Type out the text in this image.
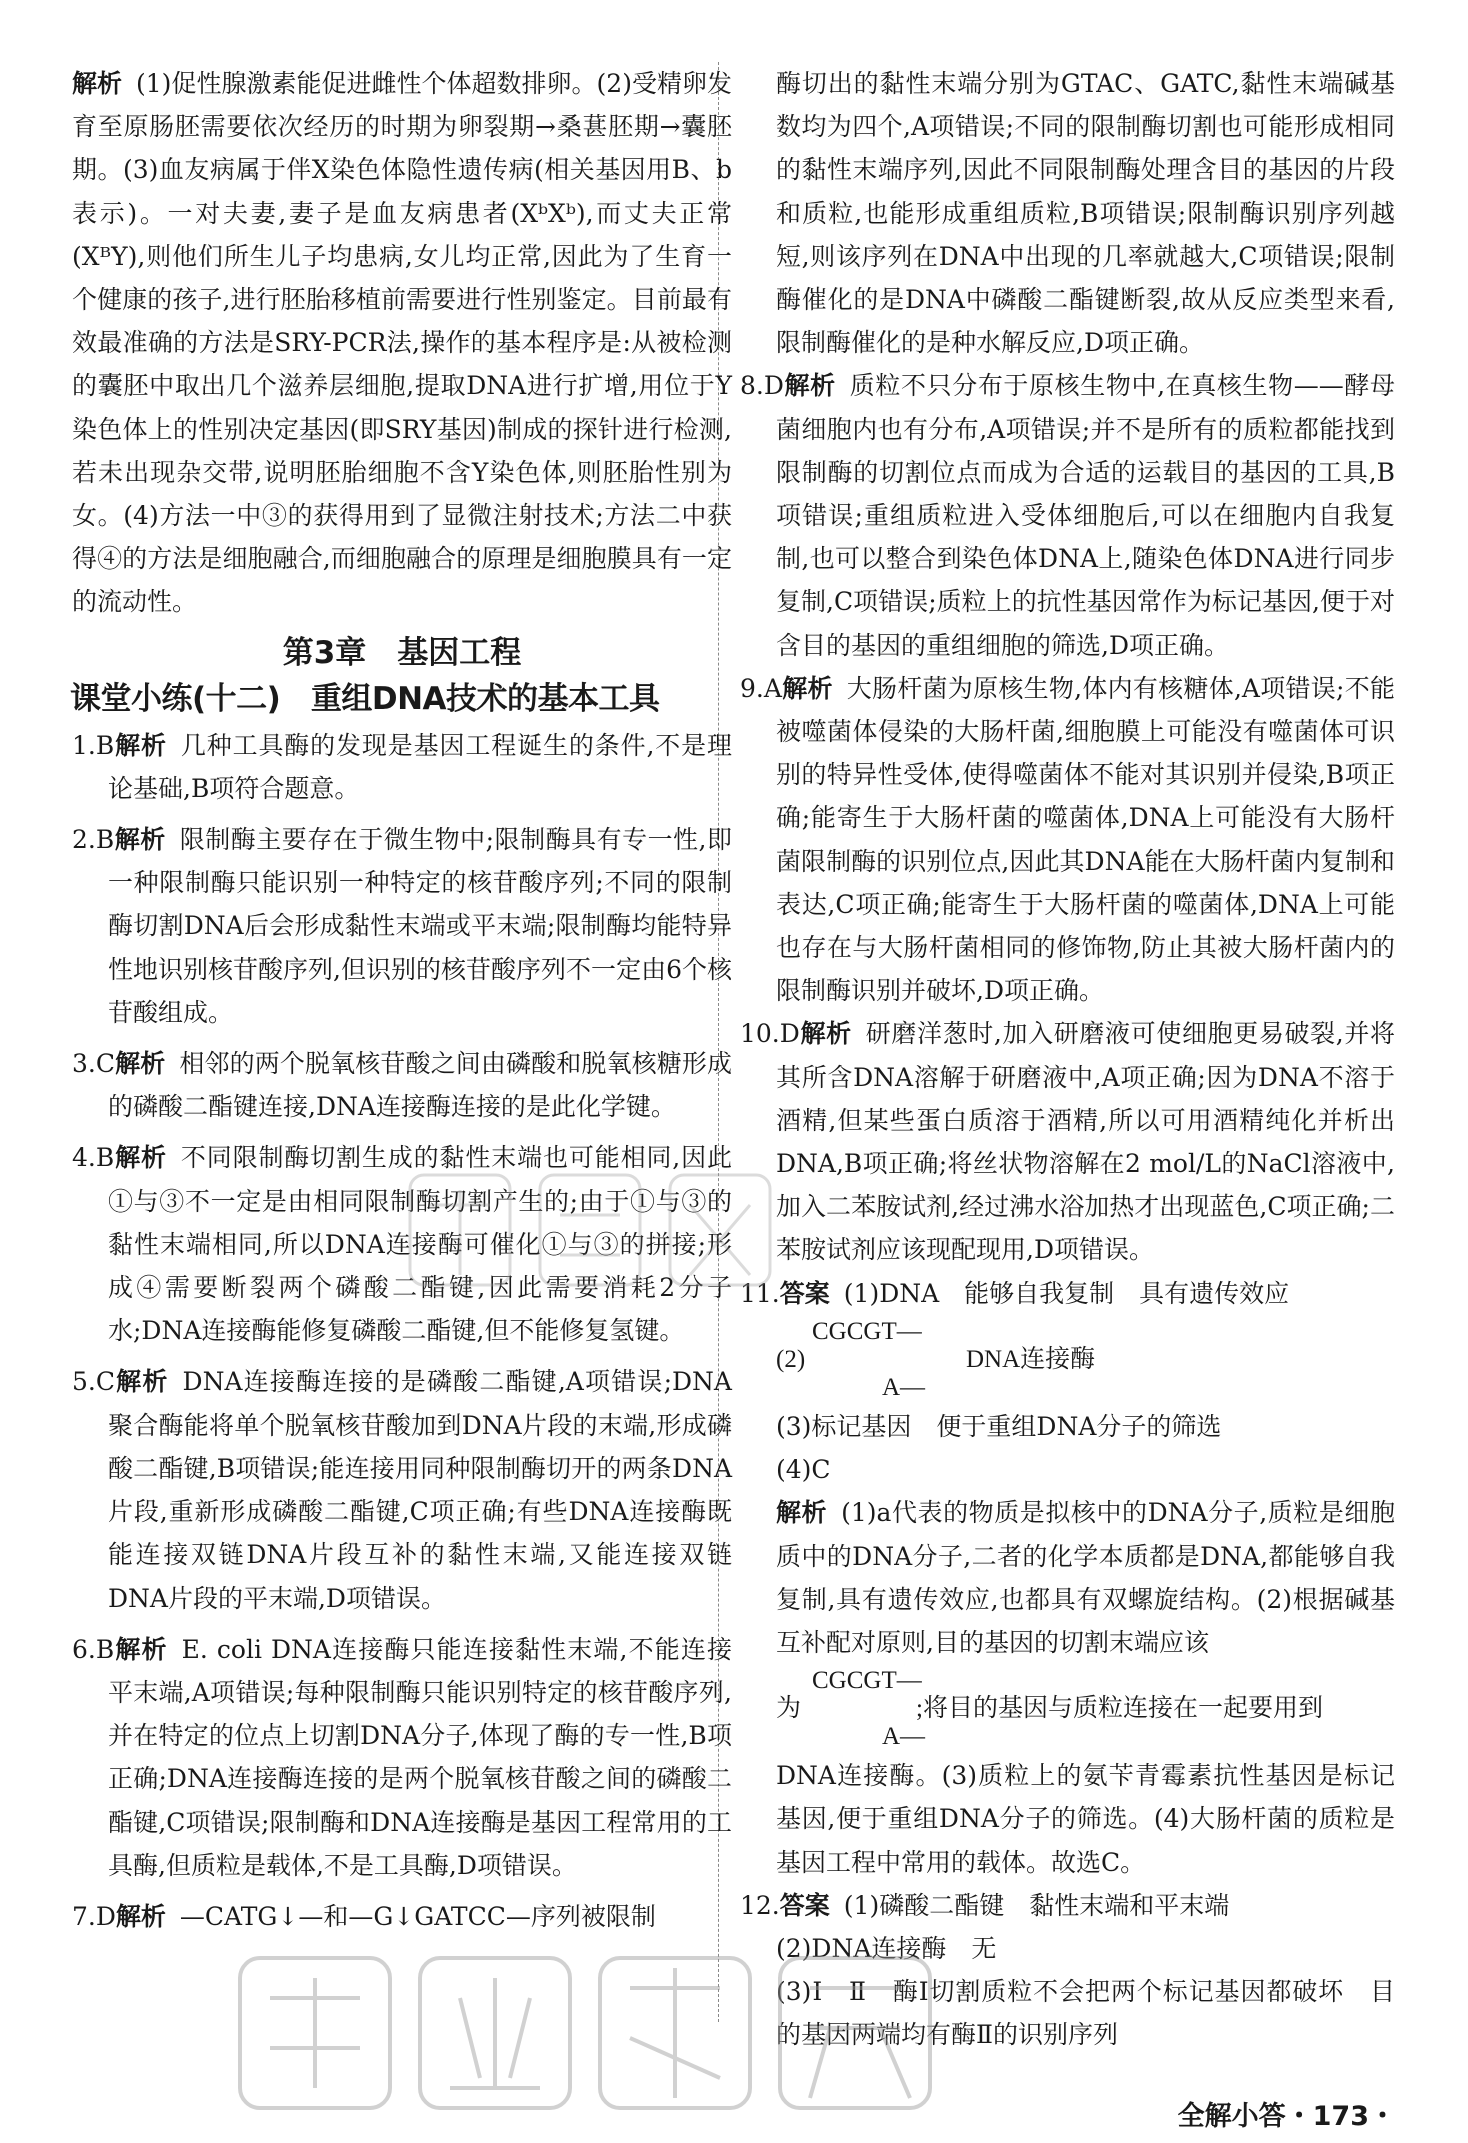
解析 (1)促性腺激素能促进雌性个体超数排卵。(2)受精卵发育至原肠胚需要依次经历的时期为卵裂期→桑葚胚期→囊胚期。(3)血友病属于伴X染色体隐性遗传病(相关基因用B、b表示)。一对夫妻,妻子是血友病患者(XᵇXᵇ),而丈夫正常(XᴮY),则他们所生儿子均患病,女儿均正常,因此为了生育一个健康的孩子,进行胚胎移植前需要进行性别鉴定。目前最有效最准确的方法是SRY-PCR法,操作的基本程序是:从被检测的囊胚中取出几个滋养层细胞,提取DNA进行扩增,用位于Y染色体上的性别决定基因(即SRY基因)制成的探针进行检测,若未出现杂交带,说明胚胎细胞不含Y染色体,则胚胎性别为女。(4)方法一中③的获得用到了显微注射技术;方法二中获得④的方法是细胞融合,而细胞融合的原理是细胞膜具有一定的流动性。

第3章　基因工程
课堂小练(十二)　重组DNA技术的基本工具

1.B解析 几种工具酶的发现是基因工程诞生的条件,不是理论基础,B项符合题意。

2.B解析 限制酶主要存在于微生物中;限制酶具有专一性,即一种限制酶只能识别一种特定的核苷酸序列;不同的限制酶切割DNA后会形成黏性末端或平末端;限制酶均能特异性地识别核苷酸序列,但识别的核苷酸序列不一定由6个核苷酸组成。

3.C解析 相邻的两个脱氧核苷酸之间由磷酸和脱氧核糖形成的磷酸二酯键连接,DNA连接酶连接的是此化学键。

4.B解析 不同限制酶切割生成的黏性末端也可能相同,因此①与③不一定是由相同限制酶切割产生的;由于①与③的黏性末端相同,所以DNA连接酶可催化①与③的拼接;形成④需要断裂两个磷酸二酯键,因此需要消耗2分子水;DNA连接酶能修复磷酸二酯键,但不能修复氢键。

5.C解析 DNA连接酶连接的是磷酸二酯键,A项错误;DNA聚合酶能将单个脱氧核苷酸加到DNA片段的末端,形成磷酸二酯键,B项错误;能连接用同种限制酶切开的两条DNA片段,重新形成磷酸二酯键,C项正确;有些DNA连接酶既能连接双链DNA片段互补的黏性末端,又能连接双链DNA片段的平末端,D项错误。

6.B解析 E. coli DNA连接酶只能连接黏性末端,不能连接平末端,A项错误;每种限制酶只能识别特定的核苷酸序列,并在特定的位点上切割DNA分子,体现了酶的专一性,B项正确;DNA连接酶连接的是两个脱氧核苷酸之间的磷酸二酯键,C项错误;限制酶和DNA连接酶是基因工程常用的工具酶,但质粒是载体,不是工具酶,D项错误。

7.D解析 —CATG↓—和—G↓GATCC—序列被限制

酶切出的黏性末端分别为GTAC、GATC,黏性末端碱基数均为四个,A项错误;不同的限制酶切割也可能形成相同的黏性末端序列,因此不同限制酶处理含目的基因的片段和质粒,也能形成重组质粒,B项错误;限制酶识别序列越短,则该序列在DNA中出现的几率就越大,C项错误;限制酶催化的是DNA中磷酸二酯键断裂,故从反应类型来看,限制酶催化的是种水解反应,D项正确。

8.D解析 质粒不只分布于原核生物中,在真核生物——酵母菌细胞内也有分布,A项错误;并不是所有的质粒都能找到限制酶的切割位点而成为合适的运载目的基因的工具,B项错误;重组质粒进入受体细胞后,可以在细胞内自我复制,也可以整合到染色体DNA上,随染色体DNA进行同步复制,C项错误;质粒上的抗性基因常作为标记基因,便于对含目的基因的重组细胞的筛选,D项正确。

9.A解析 大肠杆菌为原核生物,体内有核糖体,A项错误;不能被噬菌体侵染的大肠杆菌,细胞膜上可能没有噬菌体可识别的特异性受体,使得噬菌体不能对其识别并侵染,B项正确;能寄生于大肠杆菌的噬菌体,DNA上可能没有大肠杆菌限制酶的识别位点,因此其DNA能在大肠杆菌内复制和表达,C项正确;能寄生于大肠杆菌的噬菌体,DNA上可能也存在与大肠杆菌相同的修饰物,防止其被大肠杆菌内的限制酶识别并破坏,D项正确。

10.D解析 研磨洋葱时,加入研磨液可使细胞更易破裂,并将其所含DNA溶解于研磨液中,A项正确;因为DNA不溶于酒精,但某些蛋白质溶于酒精,所以可用酒精纯化并析出DNA,B项正确;将丝状物溶解在2 mol/L的NaCl溶液中,加入二苯胺试剂,经过沸水浴加热才出现蓝色,C项正确;二苯胺试剂应该现配现用,D项错误。

11.答案 (1)DNA　能够自我复制　具有遗传效应

CGCGT—
(2)
A—
DNA连接酶

(3)标记基因　便于重组DNA分子的筛选

(4)C

解析 (1)a代表的物质是拟核中的DNA分子,质粒是细胞质中的DNA分子,二者的化学本质都是DNA,都能够自我复制,具有遗传效应,也都具有双螺旋结构。(2)根据碱基互补配对原则,目的基因的切割末端应该

CGCGT—
为
A—
;将目的基因与质粒连接在一起要用到

DNA连接酶。(3)质粒上的氨苄青霉素抗性基因是标记基因,便于重组DNA分子的筛选。(4)大肠杆菌的质粒是基因工程中常用的载体。故选C。

12.答案 (1)磷酸二酯键　黏性末端和平末端

(2)DNA连接酶　无

(3)Ⅰ　Ⅱ　酶Ⅰ切割质粒不会把两个标记基因都破坏　目的基因两端均有酶Ⅱ的识别序列

全解小答・173・
